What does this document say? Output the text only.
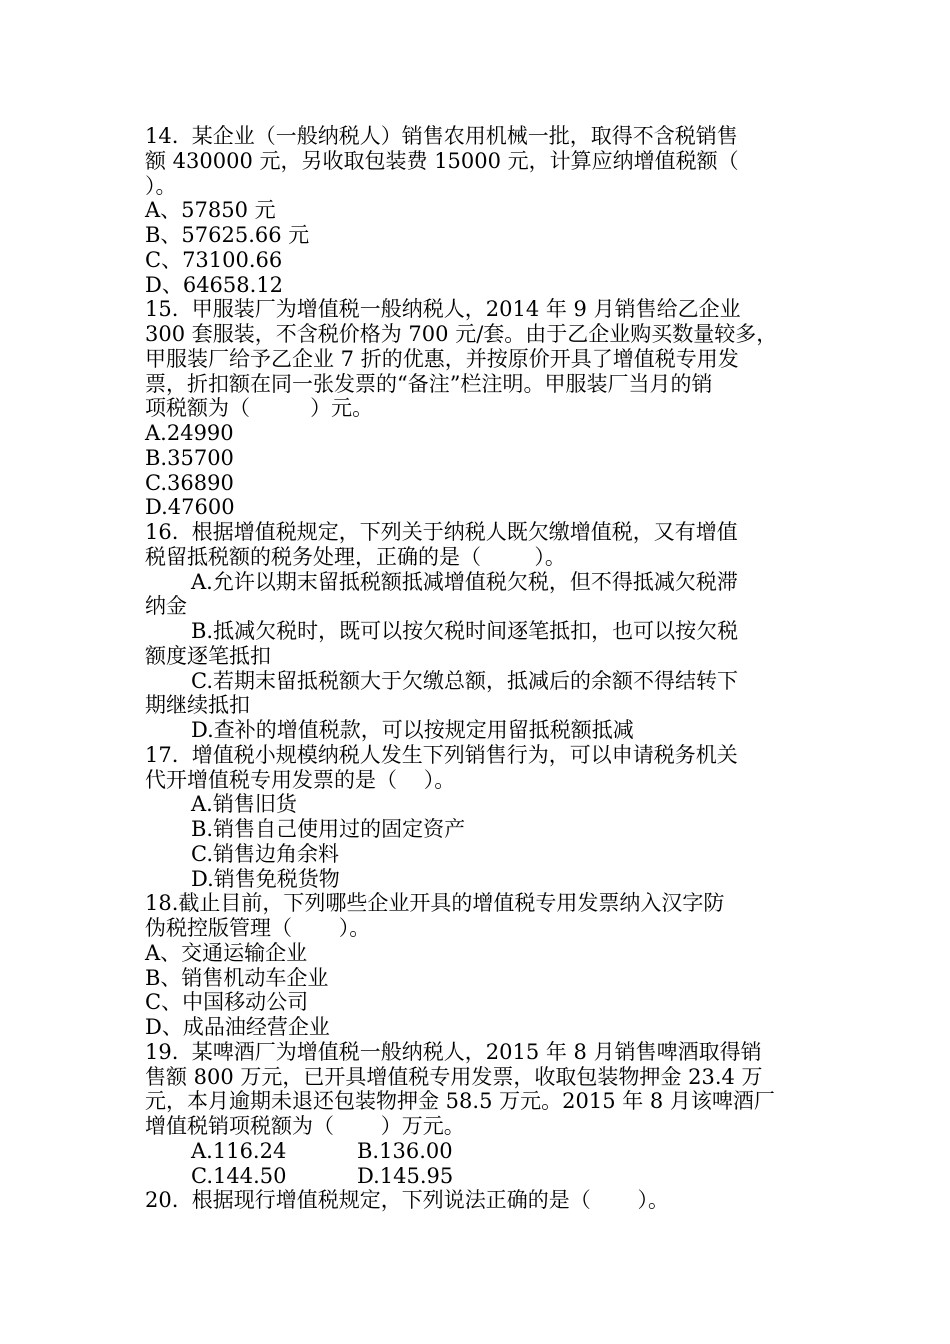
14.  某企业（一般纳税人）销售农用机械一批，取得不含税销售

额 430000 元，另收取包装费 15000 元，计算应纳增值税额（

）。

A、57850 元

B、57625.66 元

C、73100.66

D、64658.12

15.  甲服装厂为增值税一般纳税人，2014 年 9 月销售给乙企业

300 套服装，不含税价格为 700 元/套。由于乙企业购买数量较多，

甲服装厂给予乙企业 7 折的优惠，并按原价开具了增值税专用发

票，折扣额在同一张发票的“备注”栏注明。甲服装厂当月的销

项税额为（         ）元。

A.24990

B.35700

C.36890

D.47600

16.  根据增值税规定，下列关于纳税人既欠缴增值税，又有增值

税留抵税额的税务处理，正确的是（        ）。

A.允许以期末留抵税额抵减增值税欠税，但不得抵减欠税滞

纳金

B.抵减欠税时，既可以按欠税时间逐笔抵扣，也可以按欠税

额度逐笔抵扣

C.若期末留抵税额大于欠缴总额，抵减后的余额不得结转下

期继续抵扣

D.查补的增值税款，可以按规定用留抵税额抵减

17.  增值税小规模纳税人发生下列销售行为，可以申请税务机关

代开增值税专用发票的是（    ）。

A.销售旧货

B.销售自己使用过的固定资产

C.销售边角余料

D.销售免税货物

18.截止目前，下列哪些企业开具的增值税专用发票纳入汉字防

伪税控版管理（       ）。

A、交通运输企业

B、销售机动车企业

C、中国移动公司

D、成品油经营企业

19.  某啤酒厂为增值税一般纳税人，2015 年 8 月销售啤酒取得销

售额 800 万元，已开具增值税专用发票，收取包装物押金 23.4 万

元，本月逾期未退还包装物押金 58.5 万元。2015 年 8 月该啤酒厂

增值税销项税额为（       ）万元。

A.116.24	B.136.00

C.144.50	D.145.95

20.  根据现行增值税规定，下列说法正确的是（       ）。
